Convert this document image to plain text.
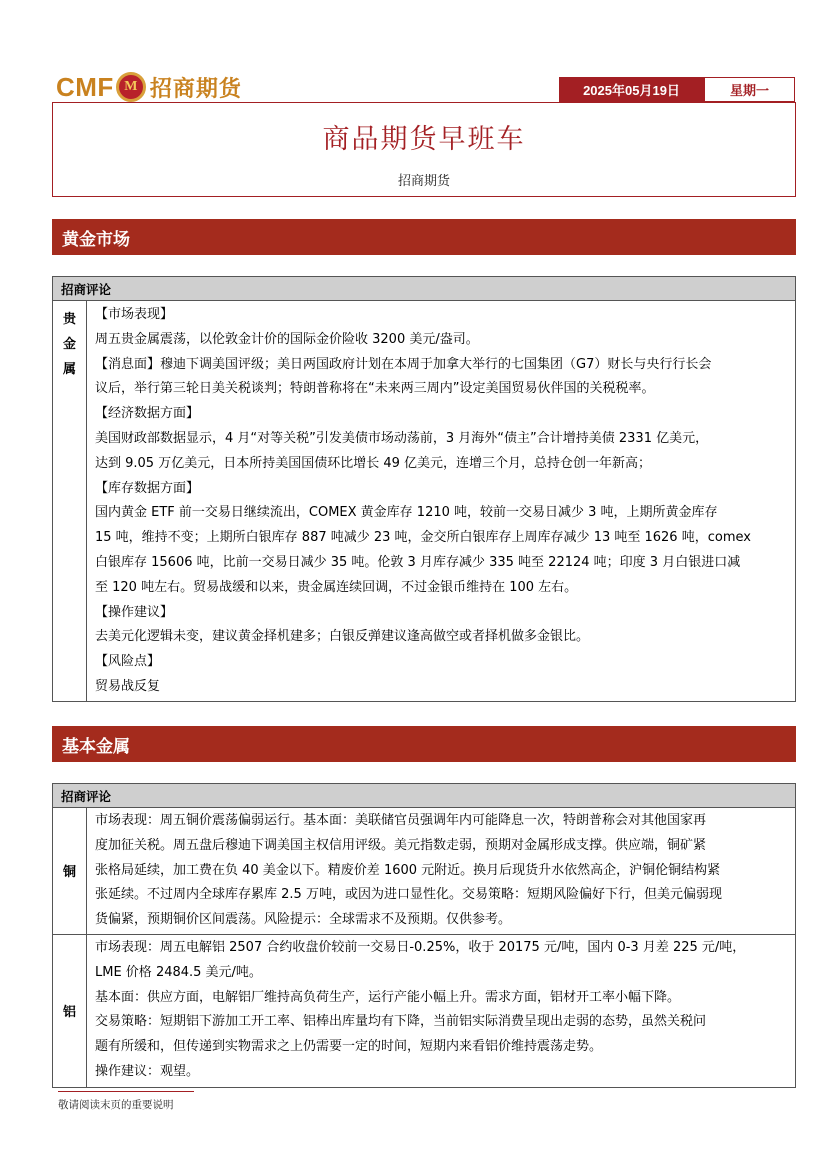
CMF M 招商期货	2025年05月19日	星期一
商品期货早班车
招商期货
黄金市场
招商评论
贵
金
属
【市场表现】
周五贵金属震荡，以伦敦金计价的国际金价险收 3200 美元/盎司。
【消息面】穆迪下调美国评级；美日两国政府计划在本周于加拿大举行的七国集团（G7）财长与央行行长会
议后，举行第三轮日美关税谈判；特朗普称将在“未来两三周内”设定美国贸易伙伴国的关税税率。
【经济数据方面】
美国财政部数据显示，4 月“对等关税”引发美债市场动荡前，3 月海外“债主”合计增持美债 2331 亿美元，
达到 9.05 万亿美元，日本所持美国国债环比增长 49 亿美元，连增三个月，总持仓创一年新高；
【库存数据方面】
国内黄金 ETF 前一交易日继续流出，COMEX 黄金库存 1210 吨，较前一交易日减少 3 吨，上期所黄金库存
15 吨，维持不变；上期所白银库存 887 吨减少 23 吨，金交所白银库存上周库存减少 13 吨至 1626 吨，comex
白银库存 15606 吨，比前一交易日减少 35 吨。伦敦 3 月库存减少 335 吨至 22124 吨；印度 3 月白银进口减
至 120 吨左右。贸易战缓和以来，贵金属连续回调，不过金银币维持在 100 左右。
【操作建议】
去美元化逻辑未变，建议黄金择机建多；白银反弹建议逢高做空或者择机做多金银比。
【风险点】
贸易战反复
基本金属
招商评论
铜
市场表现：周五铜价震荡偏弱运行。基本面：美联储官员强调年内可能降息一次，特朗普称会对其他国家再
度加征关税。周五盘后穆迪下调美国主权信用评级。美元指数走弱，预期对金属形成支撑。供应端，铜矿紧
张格局延续，加工费在负 40 美金以下。精废价差 1600 元附近。换月后现货升水依然高企，沪铜伦铜结构紧
张延续。不过周内全球库存累库 2.5 万吨，或因为进口显性化。交易策略：短期风险偏好下行，但美元偏弱现
货偏紧，预期铜价区间震荡。风险提示：全球需求不及预期。仅供参考。
铝
市场表现：周五电解铝 2507 合约收盘价较前一交易日-0.25%，收于 20175 元/吨，国内 0-3 月差 225 元/吨，
LME 价格 2484.5 美元/吨。
基本面：供应方面，电解铝厂维持高负荷生产，运行产能小幅上升。需求方面，铝材开工率小幅下降。
交易策略：短期铝下游加工开工率、铝棒出库量均有下降，当前铝实际消费呈现出走弱的态势，虽然关税问
题有所缓和，但传递到实物需求之上仍需要一定的时间，短期内来看铝价维持震荡走势。
操作建议：观望。
敬请阅读末页的重要说明
